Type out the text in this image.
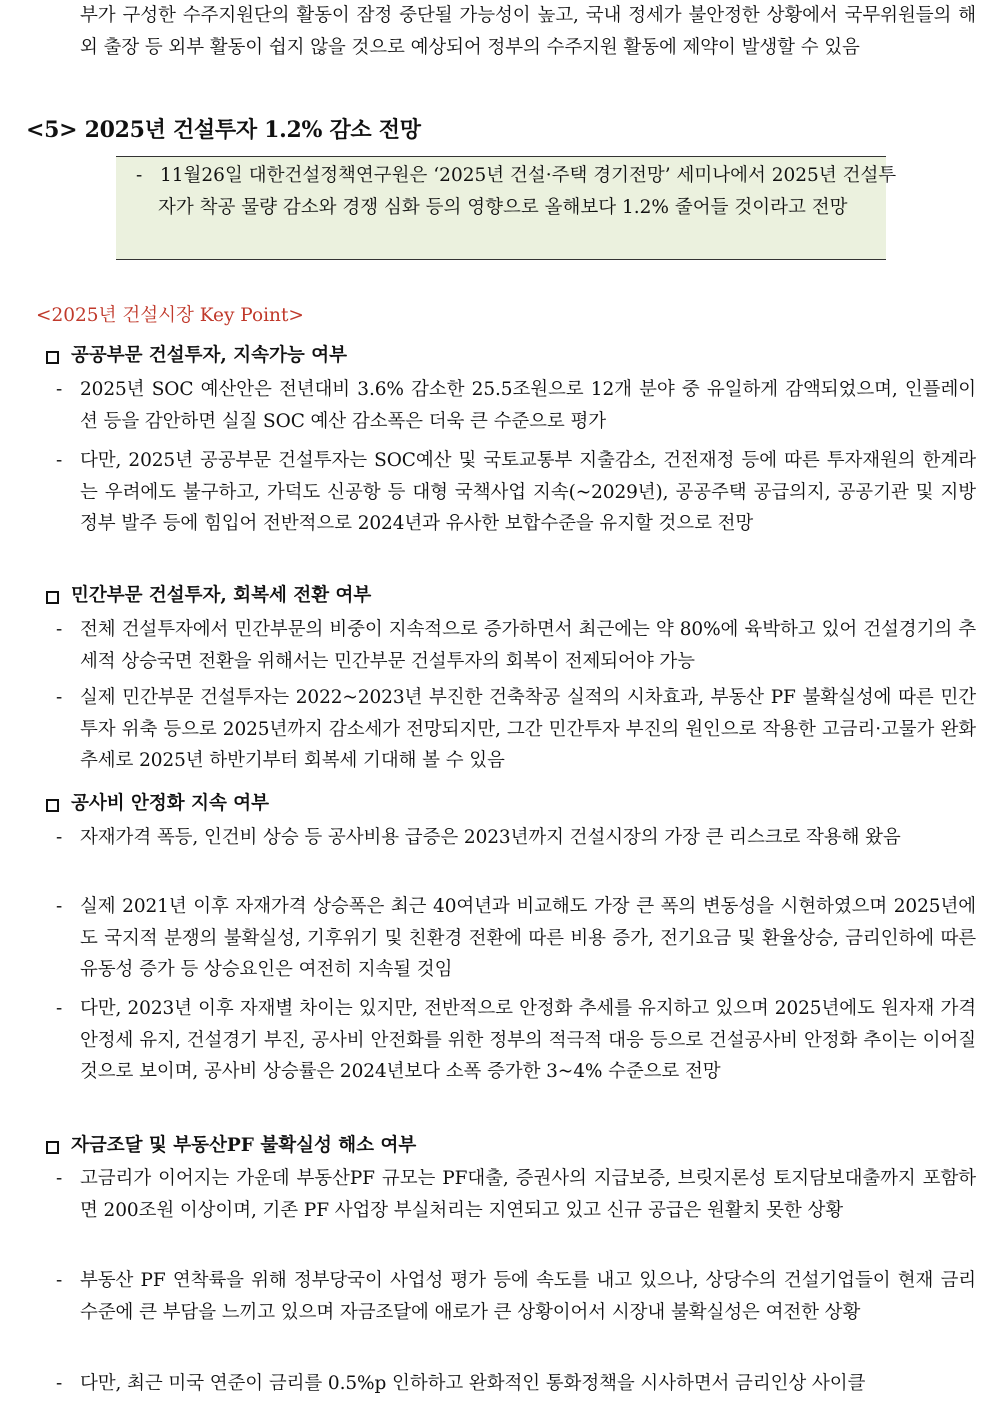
부가 구성한 수주지원단의 활동이 잠정 중단될 가능성이 높고, 국내 정세가 불안정한 상황에서 국무위원들의 해외 출장 등 외부 활동이 쉽지 않을 것으로 예상되어 정부의 수주지원 활동에 제약이 발생할 수 있음
<5> 2025년 건설투자 1.2% 감소 전망
- 11월26일 대한건설정책연구원은 ‘2025년 건설·주택 경기전망’ 세미나에서 2025년 건설투자가 착공 물량 감소와 경쟁 심화 등의 영향으로 올해보다 1.2% 줄어들 것이라고 전망
<2025년 건설시장 Key Point>
공공부문 건설투자, 지속가능 여부
- 2025년 SOC 예산안은 전년대비 3.6% 감소한 25.5조원으로 12개 분야 중 유일하게 감액되었으며, 인플레이션 등을 감안하면 실질 SOC 예산 감소폭은 더욱 큰 수준으로 평가
- 다만, 2025년 공공부문 건설투자는 SOC예산 및 국토교통부 지출감소, 건전재정 등에 따른 투자재원의 한계라는 우려에도 불구하고, 가덕도 신공항 등 대형 국책사업 지속(~2029년), 공공주택 공급의지, 공공기관 및 지방정부 발주 등에 힘입어 전반적으로 2024년과 유사한 보합수준을 유지할 것으로 전망
민간부문 건설투자, 회복세 전환 여부
- 전체 건설투자에서 민간부문의 비중이 지속적으로 증가하면서 최근에는 약 80%에 육박하고 있어 건설경기의 추세적 상승국면 전환을 위해서는 민간부문 건설투자의 회복이 전제되어야 가능
- 실제 민간부문 건설투자는 2022~2023년 부진한 건축착공 실적의 시차효과, 부동산 PF 불확실성에 따른 민간투자 위축 등으로 2025년까지 감소세가 전망되지만, 그간 민간투자 부진의 원인으로 작용한 고금리·고물가 완화 추세로 2025년 하반기부터 회복세 기대해 볼 수 있음
공사비 안정화 지속 여부
- 자재가격 폭등, 인건비 상승 등 공사비용 급증은 2023년까지 건설시장의 가장 큰 리스크로 작용해 왔음
- 실제 2021년 이후 자재가격 상승폭은 최근 40여년과 비교해도 가장 큰 폭의 변동성을 시현하였으며 2025년에도 국지적 분쟁의 불확실성, 기후위기 및 친환경 전환에 따른 비용 증가, 전기요금 및 환율상승, 금리인하에 따른 유동성 증가 등 상승요인은 여전히 지속될 것임
- 다만, 2023년 이후 자재별 차이는 있지만, 전반적으로 안정화 추세를 유지하고 있으며 2025년에도 원자재 가격 안정세 유지, 건설경기 부진, 공사비 안전화를 위한 정부의 적극적 대응 등으로 건설공사비 안정화 추이는 이어질 것으로 보이며, 공사비 상승률은 2024년보다 소폭 증가한 3~4% 수준으로 전망
자금조달 및 부동산PF 불확실성 해소 여부
- 고금리가 이어지는 가운데 부동산PF 규모는 PF대출, 증권사의 지급보증, 브릿지론성 토지담보대출까지 포함하면 200조원 이상이며, 기존 PF 사업장 부실처리는 지연되고 있고 신규 공급은 원활치 못한 상황
- 부동산 PF 연착륙을 위해 정부당국이 사업성 평가 등에 속도를 내고 있으나, 상당수의 건설기업들이 현재 금리 수준에 큰 부담을 느끼고 있으며 자금조달에 애로가 큰 상황이어서 시장내 불확실성은 여전한 상황
- 다만, 최근 미국 연준이 금리를 0.5%p 인하하고 완화적인 통화정책을 시사하면서 금리인상 사이클
